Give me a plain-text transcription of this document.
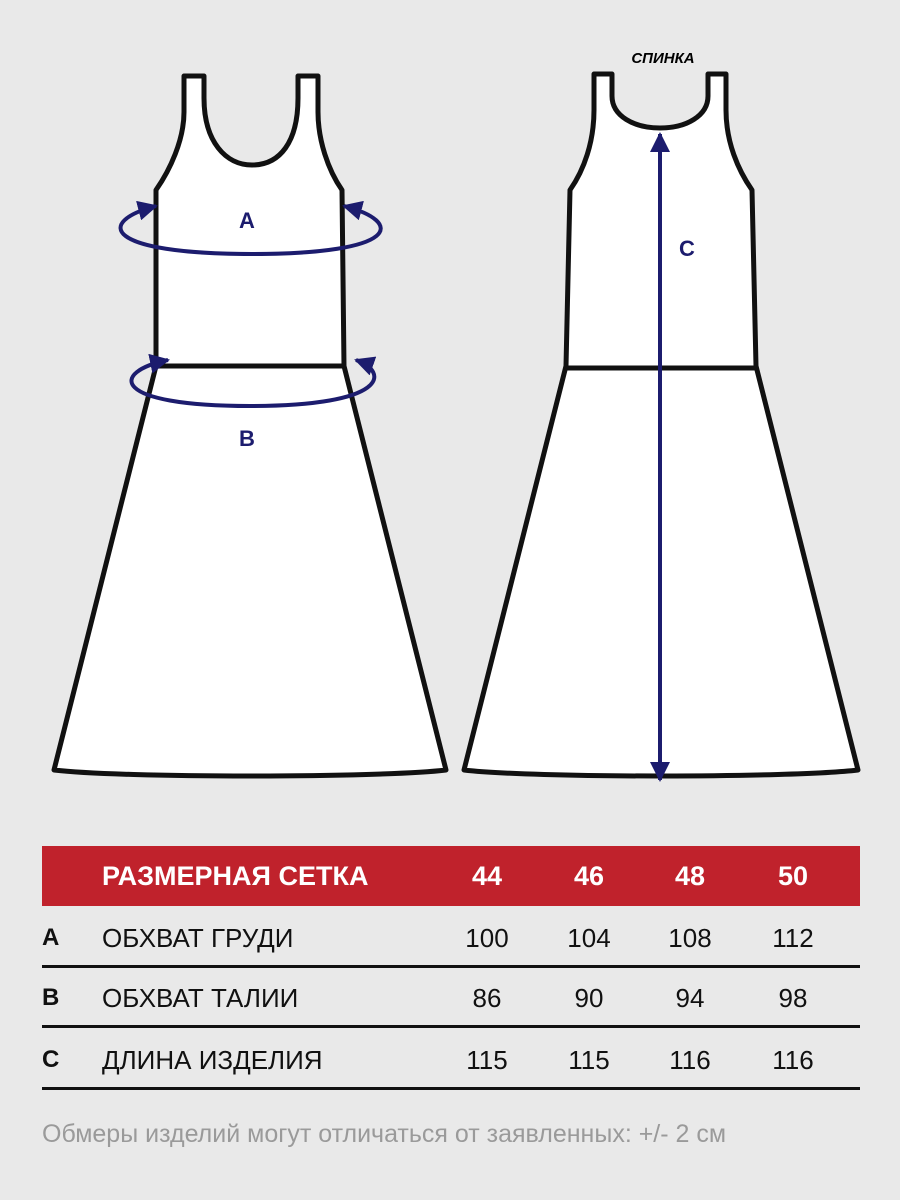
A
B
СПИНКА
C
РАЗМЕРНАЯ СЕТКА	44	46	48	50
A ОБХВАТ ГРУДИ	100	104	108	112
B ОБХВАТ ТАЛИИ	86	90	94	98
C ДЛИНА ИЗДЕЛИЯ	115	115	116	116
Обмеры изделий могут отличаться от заявленных: +/- 2 см
